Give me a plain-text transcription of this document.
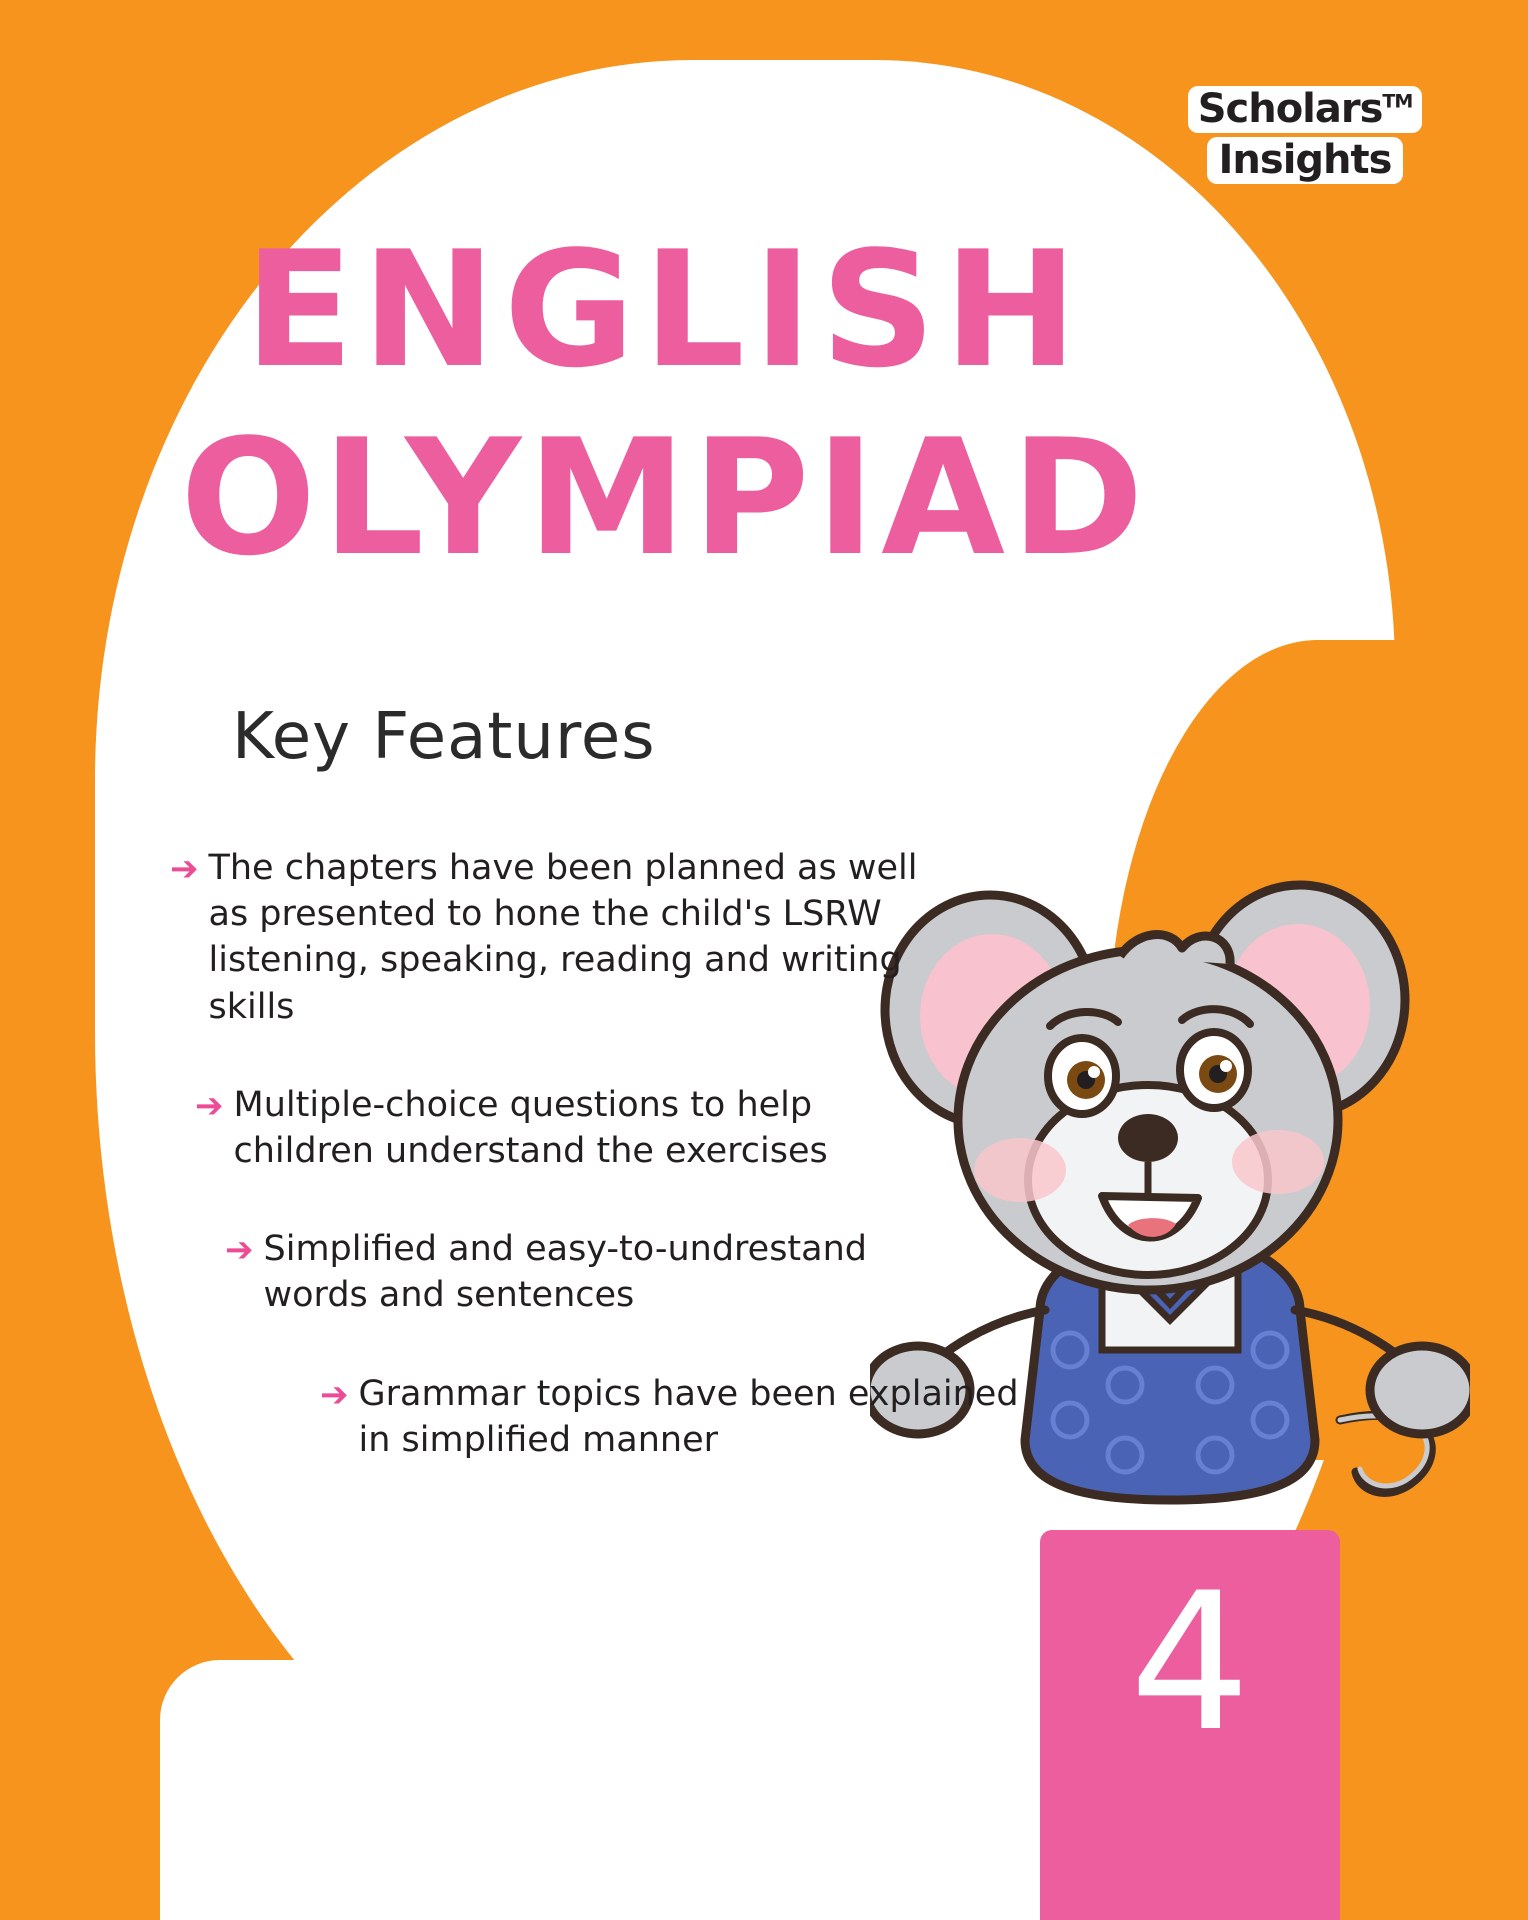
Scholars™ Insights
ENGLISH
OLYMPIAD
Key Features
➔ The chapters have been planned as well as presented to hone the child's LSRW listening, speaking, reading and writing skills
➔ Multiple-choice questions to help children understand the exercises
➔ Simplified and easy-to-undrestand words and sentences
➔ Grammar topics have been explained in simplified manner
4
